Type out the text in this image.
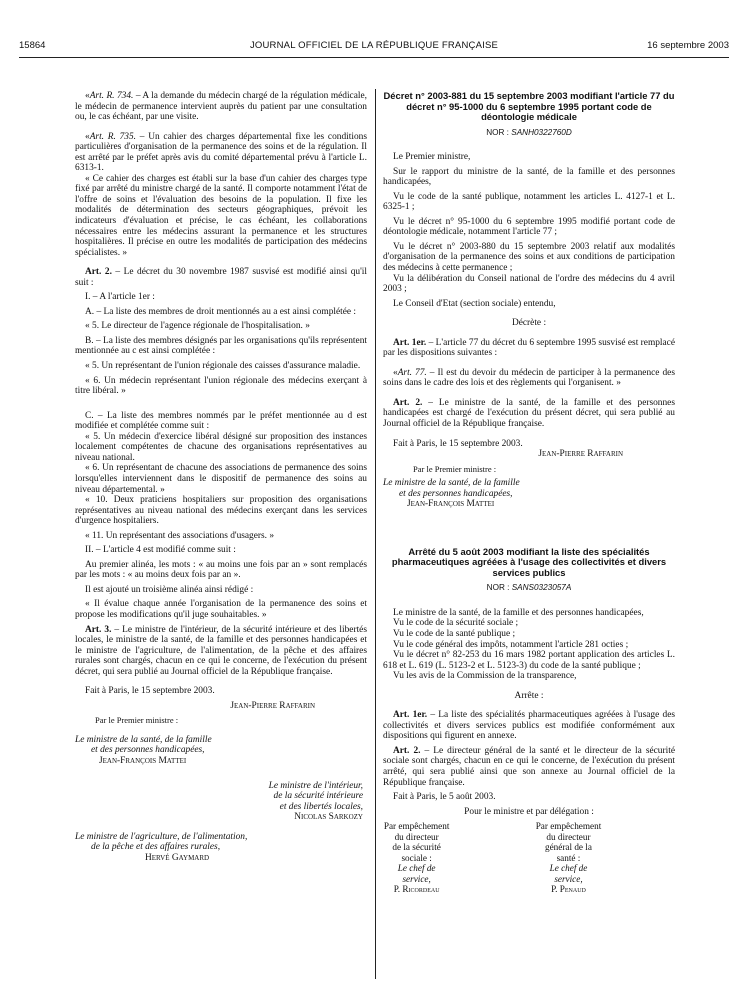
15864	JOURNAL OFFICIEL DE LA RÉPUBLIQUE FRANÇAISE	16 septembre 2003

«Art. R. 734. – A la demande du médecin chargé de la régulation médicale, le médecin de permanence intervient auprès du patient par une consultation ou, le cas échéant, par une visite.

«Art. R. 735. – Un cahier des charges départemental fixe les conditions particulières d'organisation de la permanence des soins et de la régulation. Il est arrêté par le préfet après avis du comité départemental prévu à l'article L. 6313-1.

« Ce cahier des charges est établi sur la base d'un cahier des charges type fixé par arrêté du ministre chargé de la santé. Il comporte notamment l'état de l'offre de soins et l'évaluation des besoins de la population. Il fixe les modalités de détermination des secteurs géographiques, prévoit les indicateurs d'évaluation et précise, le cas échéant, les collaborations nécessaires entre les médecins assurant la permanence et les structures hospitalières. Il précise en outre les modalités de participation des médecins spécialistes. »

Art. 2. – Le décret du 30 novembre 1987 susvisé est modifié ainsi qu'il suit :

I. – A l'article 1er :

A. – La liste des membres de droit mentionnés au a est ainsi complétée :

« 5. Le directeur de l'agence régionale de l'hospitalisation. »

B. – La liste des membres désignés par les organisations qu'ils représentent mentionnée au c est ainsi complétée :

« 5. Un représentant de l'union régionale des caisses d'assurance maladie.

« 6. Un médecin représentant l'union régionale des médecins exerçant à titre libéral. »

C. – La liste des membres nommés par le préfet mentionnée au d est modifiée et complétée comme suit :

« 5. Un médecin d'exercice libéral désigné sur proposition des instances localement compétentes de chacune des organisations représentatives au niveau national.

« 6. Un représentant de chacune des associations de permanence des soins lorsqu'elles interviennent dans le dispositif de permanence des soins au niveau départemental. »

« 10. Deux praticiens hospitaliers sur proposition des organisations représentatives au niveau national des médecins exerçant dans les services d'urgence hospitaliers.

« 11. Un représentant des associations d'usagers. »

II. – L'article 4 est modifié comme suit :

Au premier alinéa, les mots : « au moins une fois par an » sont remplacés par les mots : « au moins deux fois par an ».

Il est ajouté un troisième alinéa ainsi rédigé :

« Il évalue chaque année l'organisation de la permanence des soins et propose les modifications qu'il juge souhaitables. »

Art. 3. – Le ministre de l'intérieur, de la sécurité intérieure et des libertés locales, le ministre de la santé, de la famille et des personnes handicapées et le ministre de l'agriculture, de l'alimentation, de la pêche et des affaires rurales sont chargés, chacun en ce qui le concerne, de l'exécution du présent décret, qui sera publié au Journal officiel de la République française.

Fait à Paris, le 15 septembre 2003.

Jean-Pierre Raffarin

Par le Premier ministre :

Le ministre de la santé, de la famille
et des personnes handicapées,
Jean-François Mattei
Le ministre de l'intérieur,
de la sécurité intérieure
et des libertés locales,
Nicolas Sarkozy
Le ministre de l'agriculture, de l'alimentation,
de la pêche et des affaires rurales,
Hervé Gaymard
Décret n° 2003-881 du 15 septembre 2003 modifiant l'article 77 du décret n° 95-1000 du 6 septembre 1995 portant code de déontologie médicale
NOR : SANH0322760D

Le Premier ministre,

Sur le rapport du ministre de la santé, de la famille et des personnes handicapées,

Vu le code de la santé publique, notamment les articles L. 4127-1 et L. 6325-1 ;

Vu le décret n° 95-1000 du 6 septembre 1995 modifié portant code de déontologie médicale, notamment l'article 77 ;

Vu le décret n° 2003-880 du 15 septembre 2003 relatif aux modalités d'organisation de la permanence des soins et aux conditions de participation des médecins à cette permanence ;

Vu la délibération du Conseil national de l'ordre des médecins du 4 avril 2003 ;

Le Conseil d'Etat (section sociale) entendu,

Décrète :

Art. 1er. – L'article 77 du décret du 6 septembre 1995 susvisé est remplacé par les dispositions suivantes :

«Art. 77. – Il est du devoir du médecin de participer à la permanence des soins dans le cadre des lois et des règlements qui l'organisent. »

Art. 2. – Le ministre de la santé, de la famille et des personnes handicapées est chargé de l'exécution du présent décret, qui sera publié au Journal officiel de la République française.

Fait à Paris, le 15 septembre 2003.

Jean-Pierre Raffarin

Par le Premier ministre :

Le ministre de la santé, de la famille
et des personnes handicapées,
Jean-François Mattei
Arrêté du 5 août 2003 modifiant la liste des spécialités pharmaceutiques agréées à l'usage des collectivités et divers services publics
NOR : SANS0323057A

Le ministre de la santé, de la famille et des personnes handicapées,

Vu le code de la sécurité sociale ;

Vu le code de la santé publique ;

Vu le code général des impôts, notamment l'article 281 octies ;

Vu le décret n° 82-253 du 16 mars 1982 portant application des articles L. 618 et L. 619 (L. 5123-2 et L. 5123-3) du code de la santé publique ;

Vu les avis de la Commission de la transparence,

Arrête :

Art. 1er. – La liste des spécialités pharmaceutiques agréées à l'usage des collectivités et divers services publics est modifiée conformément aux dispositions qui figurent en annexe.

Art. 2. – Le directeur général de la santé et le directeur de la sécurité sociale sont chargés, chacun en ce qui le concerne, de l'exécution du présent arrêté, qui sera publié ainsi que son annexe au Journal officiel de la République française.

Fait à Paris, le 5 août 2003.

Pour le ministre et par délégation :

Par empêchement du directeur
de la sécurité sociale :
Le chef de service,
P. Ricordeau
Par empêchement
du directeur général de la santé :
Le chef de service,
P. Penaud
